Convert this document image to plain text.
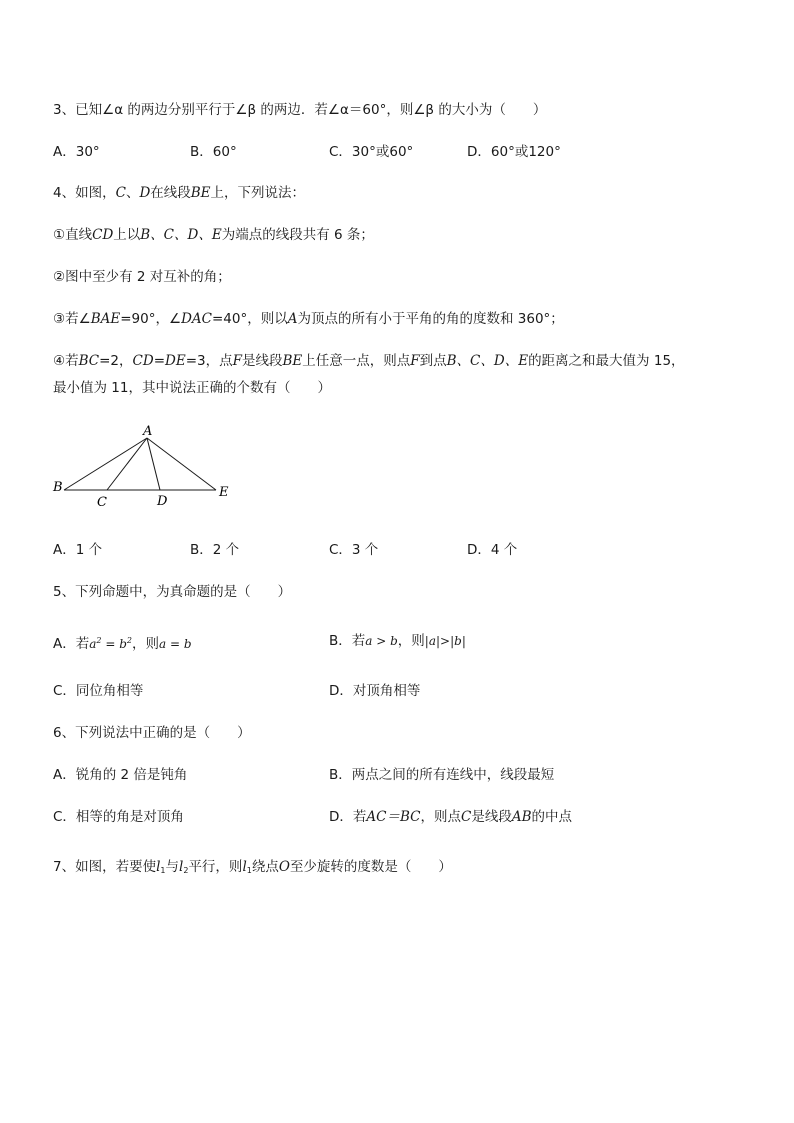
3、已知∠α 的两边分别平行于∠β 的两边．若∠α＝60°，则∠β 的大小为（　　）
A．30°	B．60°	C．30°或60°	D．60°或120°
4、如图，C、D在线段BE上，下列说法：
①直线CD上以B、C、D、E为端点的线段共有 6 条；
②图中至少有 2 对互补的角；
③若∠BAE=90°，∠DAC=40°，则以A为顶点的所有小于平角的角的度数和 360°；
④若BC=2，CD=DE=3，点F是线段BE上任意一点，则点F到点B、C、D、E的距离之和最大值为 15，
最小值为 11，其中说法正确的个数有（　　）
A
B
C	D
E
A．1 个	B．2 个	C．3 个	D．4 个
5、下列命题中，为真命题的是（　　）
A．若$a^2 = b^2$，则a = b	B．若a > b，则|a|>|b|
C．同位角相等	D．对顶角相等
6、下列说法中正确的是（　　）
A．锐角的 2 倍是钝角	B．两点之间的所有连线中，线段最短
C．相等的角是对顶角	D．若AC＝BC，则点C是线段AB的中点
7、如图，若要使$l_1$与$l_2$平行，则$l_1$绕点O至少旋转的度数是（　　）
